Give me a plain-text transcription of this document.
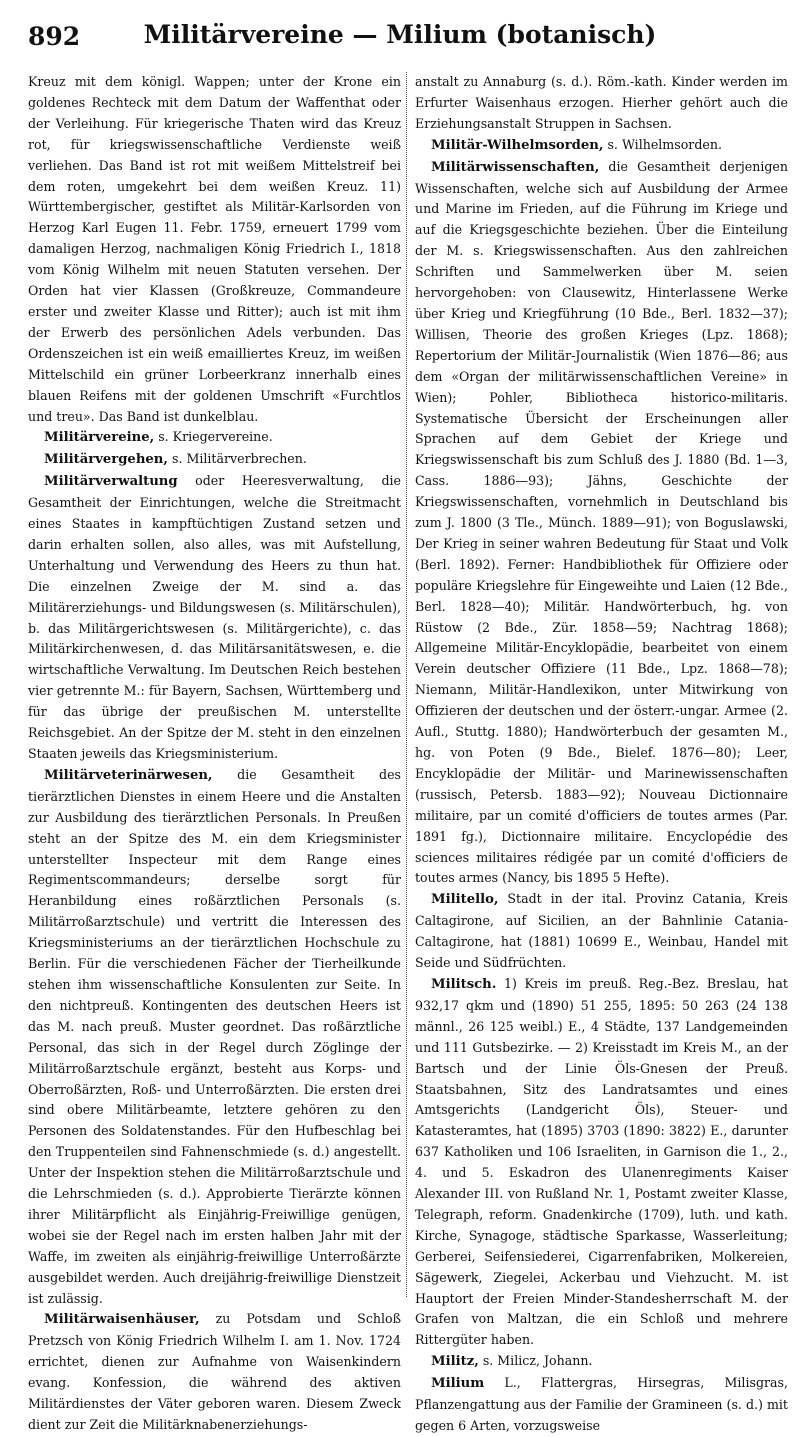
892	Militärvereine — Milium (botanisch)

Kreuz mit dem königl. Wappen; unter der Krone ein goldenes Rechteck mit dem Datum der Waffenthat oder der Verleihung. Für kriegerische Thaten wird das Kreuz rot, für kriegswissenschaftliche Verdienste weiß verliehen. Das Band ist rot mit weißem Mittelstreif bei dem roten, umgekehrt bei dem weißen Kreuz. 11) Württembergischer, gestiftet als Militär-Karlsorden von Herzog Karl Eugen 11. Febr. 1759, erneuert 1799 vom damaligen Herzog, nachmaligen König Friedrich I., 1818 vom König Wilhelm mit neuen Statuten versehen. Der Orden hat vier Klassen (Großkreuze, Commandeure erster und zweiter Klasse und Ritter); auch ist mit ihm der Erwerb des persönlichen Adels verbunden. Das Ordenszeichen ist ein weiß emailliertes Kreuz, im weißen Mittelschild ein grüner Lorbeerkranz innerhalb eines blauen Reifens mit der goldenen Umschrift «Furchtlos und treu». Das Band ist dunkelblau.

Militärvereine, s. Kriegervereine.

Militärvergehen, s. Militärverbrechen.

Militärverwaltung oder Heeresverwaltung, die Gesamtheit der Einrichtungen, welche die Streitmacht eines Staates in kampftüchtigen Zustand setzen und darin erhalten sollen, also alles, was mit Aufstellung, Unterhaltung und Verwendung des Heers zu thun hat. Die einzelnen Zweige der M. sind a. das Militärerziehungs- und Bildungswesen (s. Militärschulen), b. das Militärgerichtswesen (s. Militärgerichte), c. das Militärkirchenwesen, d. das Militärsanitätswesen, e. die wirtschaftliche Verwaltung. Im Deutschen Reich bestehen vier getrennte M.: für Bayern, Sachsen, Württemberg und für das übrige der preußischen M. unterstellte Reichsgebiet. An der Spitze der M. steht in den einzelnen Staaten jeweils das Kriegsministerium.

Militärveterinärwesen, die Gesamtheit des tierärztlichen Dienstes in einem Heere und die Anstalten zur Ausbildung des tierärztlichen Personals. In Preußen steht an der Spitze des M. ein dem Kriegsminister unterstellter Inspecteur mit dem Range eines Regimentscommandeurs; derselbe sorgt für Heranbildung eines roßärztlichen Personals (s. Militärroßarztschule) und vertritt die Interessen des Kriegsministeriums an der tierärztlichen Hochschule zu Berlin. Für die verschiedenen Fächer der Tierheilkunde stehen ihm wissenschaftliche Konsulenten zur Seite. In den nichtpreuß. Kontingenten des deutschen Heers ist das M. nach preuß. Muster geordnet. Das roßärztliche Personal, das sich in der Regel durch Zöglinge der Militärroßarztschule ergänzt, besteht aus Korps- und Oberroßärzten, Roß- und Unterroßärzten. Die ersten drei sind obere Militärbeamte, letztere gehören zu den Personen des Soldatenstandes. Für den Hufbeschlag bei den Truppenteilen sind Fahnenschmiede (s. d.) angestellt. Unter der Inspektion stehen die Militärroßarztschule und die Lehrschmieden (s. d.). Approbierte Tierärzte können ihrer Militärpflicht als Einjährig-Freiwillige genügen, wobei sie der Regel nach im ersten halben Jahr mit der Waffe, im zweiten als einjährig-freiwillige Unterroßärzte ausgebildet werden. Auch dreijährig-freiwillige Dienstzeit ist zulässig.

Militärwaisenhäuser, zu Potsdam und Schloß Pretzsch von König Friedrich Wilhelm I. am 1. Nov. 1724 errichtet, dienen zur Aufnahme von Waisenkindern evang. Konfession, die während des aktiven Militärdienstes der Väter geboren waren. Diesem Zweck dient zur Zeit die Militärknabenerziehungs-

anstalt zu Annaburg (s. d.). Röm.-kath. Kinder werden im Erfurter Waisenhaus erzogen. Hierher gehört auch die Erziehungsanstalt Struppen in Sachsen.

Militär-Wilhelmsorden, s. Wilhelmsorden.

Militärwissenschaften, die Gesamtheit derjenigen Wissenschaften, welche sich auf Ausbildung der Armee und Marine im Frieden, auf die Führung im Kriege und auf die Kriegsgeschichte beziehen. Über die Einteilung der M. s. Kriegswissenschaften. Aus den zahlreichen Schriften und Sammelwerken über M. seien hervorgehoben: von Clausewitz, Hinterlassene Werke über Krieg und Kriegführung (10 Bde., Berl. 1832—37); Willisen, Theorie des großen Krieges (Lpz. 1868); Repertorium der Militär-Journalistik (Wien 1876—86; aus dem «Organ der militärwissenschaftlichen Vereine» in Wien); Pohler, Bibliotheca historico-militaris. Systematische Übersicht der Erscheinungen aller Sprachen auf dem Gebiet der Kriege und Kriegswissenschaft bis zum Schluß des J. 1880 (Bd. 1—3, Cass. 1886—93); Jähns, Geschichte der Kriegswissenschaften, vornehmlich in Deutschland bis zum J. 1800 (3 Tle., Münch. 1889—91); von Boguslawski, Der Krieg in seiner wahren Bedeutung für Staat und Volk (Berl. 1892). Ferner: Handbibliothek für Offiziere oder populäre Kriegslehre für Eingeweihte und Laien (12 Bde., Berl. 1828—40); Militär. Handwörterbuch, hg. von Rüstow (2 Bde., Zür. 1858—59; Nachtrag 1868); Allgemeine Militär-Encyklopädie, bearbeitet von einem Verein deutscher Offiziere (11 Bde., Lpz. 1868—78); Niemann, Militär-Handlexikon, unter Mitwirkung von Offizieren der deutschen und der österr.-ungar. Armee (2. Aufl., Stuttg. 1880); Handwörterbuch der gesamten M., hg. von Poten (9 Bde., Bielef. 1876—80); Leer, Encyklopädie der Militär- und Marinewissenschaften (russisch, Petersb. 1883—92); Nouveau Dictionnaire militaire, par un comité d'officiers de toutes armes (Par. 1891 fg.), Dictionnaire militaire. Encyclopédie des sciences militaires rédigée par un comité d'officiers de toutes armes (Nancy, bis 1895 5 Hefte).

Militello, Stadt in der ital. Provinz Catania, Kreis Caltagirone, auf Sicilien, an der Bahnlinie Catania-Caltagirone, hat (1881) 10699 E., Weinbau, Handel mit Seide und Südfrüchten.

Militsch. 1) Kreis im preuß. Reg.-Bez. Breslau, hat 932,17 qkm und (1890) 51 255, 1895: 50 263 (24 138 männl., 26 125 weibl.) E., 4 Städte, 137 Landgemeinden und 111 Gutsbezirke. — 2) Kreisstadt im Kreis M., an der Bartsch und der Linie Öls-Gnesen der Preuß. Staatsbahnen, Sitz des Landratsamtes und eines Amtsgerichts (Landgericht Öls), Steuer- und Katasteramtes, hat (1895) 3703 (1890: 3822) E., darunter 637 Katholiken und 106 Israeliten, in Garnison die 1., 2., 4. und 5. Eskadron des Ulanenregiments Kaiser Alexander III. von Rußland Nr. 1, Postamt zweiter Klasse, Telegraph, reform. Gnadenkirche (1709), luth. und kath. Kirche, Synagoge, städtische Sparkasse, Wasserleitung; Gerberei, Seifensiederei, Cigarrenfabriken, Molkereien, Sägewerk, Ziegelei, Ackerbau und Viehzucht. M. ist Hauptort der Freien Minder-Standesherrschaft M. der Grafen von Maltzan, die ein Schloß und mehrere Rittergüter haben.

Militz, s. Milicz, Johann.

Milium L., Flattergras, Hirsegras, Milisgras, Pflanzengattung aus der Familie der Gramineen (s. d.) mit gegen 6 Arten, vorzugsweise
